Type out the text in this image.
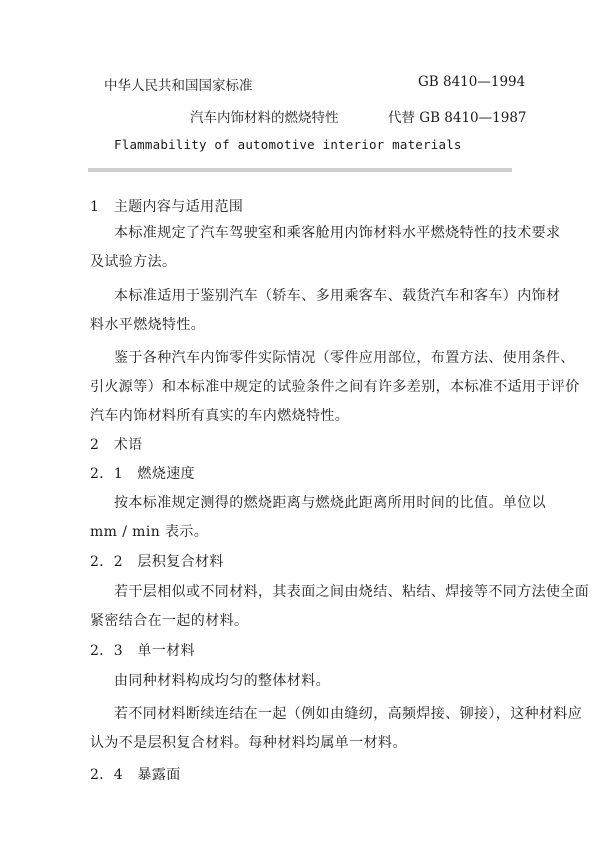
中华人民共和国国家标准	GB 8410—1994
汽车内饰材料的燃烧特性	代替 GB 8410—1987
Flammability of automotive interior materials
1　主题内容与适用范围
本标准规定了汽车驾驶室和乘客舱用内饰材料水平燃烧特性的技术要求
及试验方法。
本标准适用于鉴别汽车（轿车、多用乘客车、载货汽车和客车）内饰材
料水平燃烧特性。
鉴于各种汽车内饰零件实际情况（零件应用部位，布置方法、使用条件、
引火源等）和本标准中规定的试验条件之间有许多差别，本标准不适用于评价
汽车内饰材料所有真实的车内燃烧特性。
2　术语
2．1　燃烧速度
按本标准规定测得的燃烧距离与燃烧此距离所用时间的比值。单位以
mm / min 表示。
2．2　层积复合材料
若干层相似或不同材料，其表面之间由烧结、粘结、焊接等不同方法使全面
紧密结合在一起的材料。
2．3　单一材料
由同种材料构成均匀的整体材料。
若不同材料断续连结在一起（例如由缝纫，高频焊接、铆接），这种材料应
认为不是层积复合材料。每种材料均属单一材料。
2．4　暴露面
